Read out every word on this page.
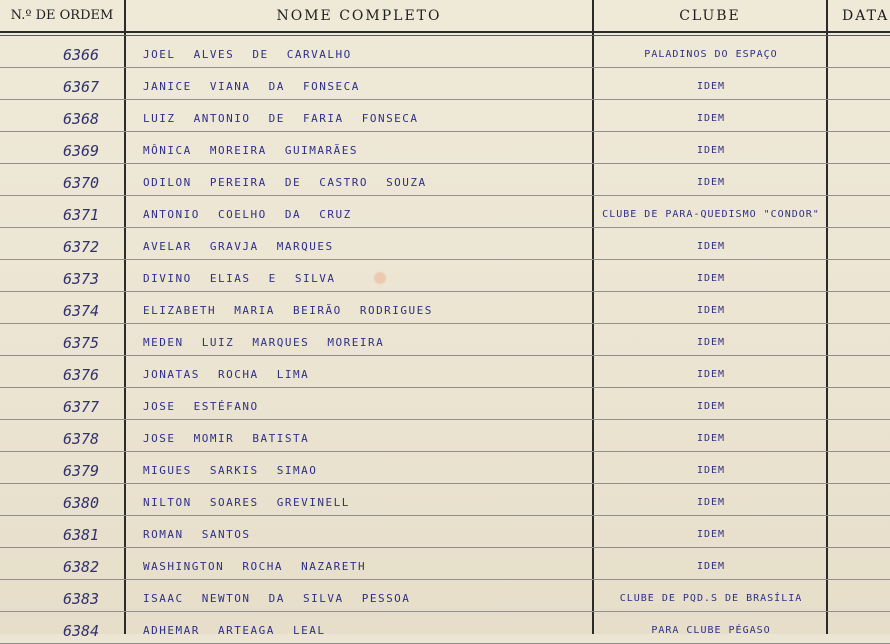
N.º DE ORDEM	NOME COMPLETO	CLUBE	DATA
6366	JOEL ALVES DE CARVALHO	PALADINOS DO ESPAÇO
6367	JANICE VIANA DA FONSECA	IDEM
6368	LUIZ ANTONIO DE FARIA FONSECA	IDEM
6369	MÔNICA MOREIRA GUIMARÃES	IDEM
6370	ODILON PEREIRA DE CASTRO SOUZA	IDEM
6371	ANTONIO COELHO DA CRUZ	CLUBE DE PARA-QUEDISMO "CONDOR"
6372	AVELAR GRAVJA MARQUES	IDEM
6373	DIVINO ELIAS E SILVA	IDEM
6374	ELIZABETH MARIA BEIRÃO RODRIGUES	IDEM
6375	MEDEN LUIZ MARQUES MOREIRA	IDEM
6376	JONATAS ROCHA LIMA	IDEM
6377	JOSE ESTÉFANO	IDEM
6378	JOSE MOMIR BATISTA	IDEM
6379	MIGUES SARKIS SIMAO	IDEM
6380	NILTON SOARES GREVINELL	IDEM
6381	ROMAN SANTOS	IDEM
6382	WASHINGTON ROCHA NAZARETH	IDEM
6383	ISAAC NEWTON DA SILVA PESSOA	CLUBE DE PQD.S DE BRASÍLIA
6384	ADHEMAR ARTEAGA LEAL	PARA CLUBE PÉGASO
